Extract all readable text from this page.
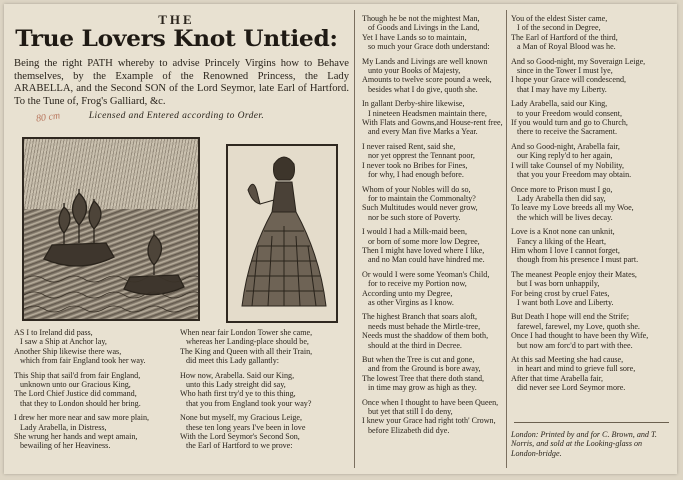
THE
True Lovers Knot Untied:
Being the right PATH whereby to advise Princely Virgins how to Behave themselves, by the Example of the Renowned Princess, the Lady ARABELLA, and the Second SON of the Lord Seymor, late Earl of Hartford. To the Tune of, Frog's Galliard, &c.
Licensed and Entered according to Order.
80 cm
AS I to Ireland did pass,
I saw a Ship at Anchor lay,
Another Ship likewise there was,
which from fair England took her way.
This Ship that sail'd from fair England,
unknown unto our Gracious King,
The Lord Chief Justice did command,
that they to London should her bring.
I drew her more near and saw more plain,
Lady Arabella, in Distress,
She wrung her hands and wept amain,
bewailing of her Heaviness.
When near fair London Tower she came,
whereas her Landing-place should be,
The King and Queen with all their Train,
did meet this Lady gallantly:
How now, Arabella. Said our King,
unto this Lady streight did say,
Who hath first try'd ye to this thing,
that you from England took your way?
None but myself, my Gracious Leige,
these ten long years I've been in love
With the Lord Seymor's Second Son,
the Earl of Hartford to we prove:
Though he be not the mightest Man,
of Goods and Livings in the Land,
Yet I have Lands so to maintain,
so much your Grace doth understand:
My Lands and Livings are well known
unto your Books of Majesty,
Amounts to twelve score pound a week,
besides what I do give, quoth she.
In gallant Derby-shire likewise,
I nineteen Headsmen maintain there,
With Flats and Gowns,and House-rent free,
and every Man five Marks a Year.
I never raised Rent, said she,
nor yet opprest the Tennant poor,
I never took no Bribes for Fines,
for why, I had enough before.
Whom of your Nobles will do so,
for to maintain the Commonalty?
Such Multitudes would never grow,
nor be such store of Poverty.
I would I had a Milk-maid been,
or born of some more low Degree,
Then I might have loved where I like,
and no Man could have hindred me.
Or would I were some Yeoman's Child,
for to receive my Portion now,
According unto my Degree,
as other Virgins as I know.
The highest Branch that soars aloft,
needs must behade the Mirtle-tree,
Needs must the shaddow of them both,
should at the third in Decree.
But when the Tree is cut and gone,
and from the Ground is bore away,
The lowest Tree that there doth stand,
in time may grow as high as they.
Once when I thought to have been Queen,
but yet that still I do deny,
I knew your Grace had right toth' Crown,
before Elizabeth did dye.
You of the eldest Sister came,
I of the second in Degree,
The Earl of Hartford of the third,
a Man of Royal Blood was he.
And so Good-night, my Soveraign Leige,
since in the Tower I must lye,
I hope your Grace will condescend,
that I may have my Liberty.
Lady Arabella, said our King,
to your Freedom would consent,
If you would turn and go to Church,
there to receive the Sacrament.
And so Good-night, Arabella fair,
our King reply'd to her again,
I will take Counsel of my Nobility,
that you your Freedom may obtain.
Once more to Prison must I go,
Lady Arabella then did say,
To leave my Love breeds all my Woe,
the which will be lives decay.
Love is a Knot none can unknit,
Fancy a liking of the Heart,
Him whom I love I cannot forget,
though from his presence I must part.
The meanest People enjoy their Mates,
but I was born unhappily,
For being crost by cruel Fates,
I want both Love and Liberty.
But Death I hope will end the Strife;
farewel, farewel, my Love, quoth she.
Once I had thought to have been thy Wife,
but now am forc'd to part with thee.
At this sad Meeting she had cause,
in heart and mind to grieve full sore,
After that time Arabella fair,
did never see Lord Seymor more.
London: Printed by and for C. Brown, and T. Norris, and sold at the Looking-glass on London-bridge.
